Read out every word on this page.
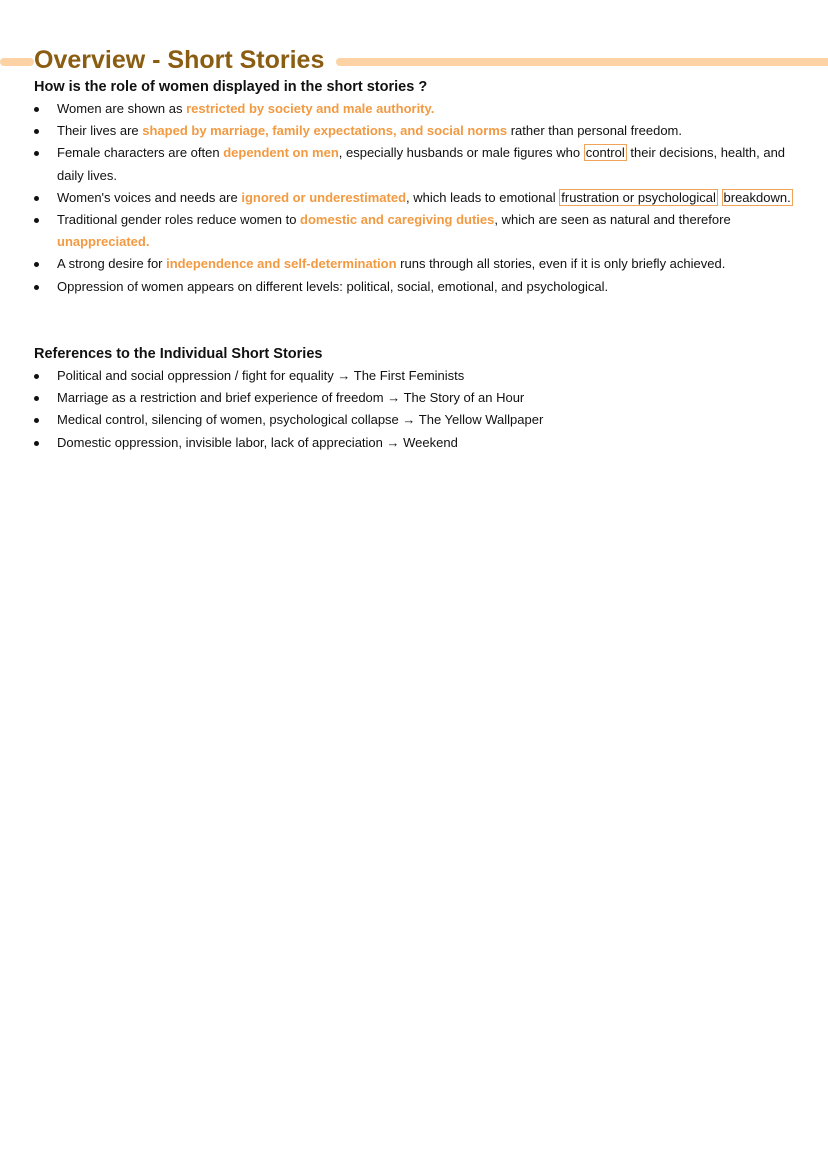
Overview - Short Stories
How is the role of women displayed in the short stories ?
Women are shown as restricted by society and male authority.
Their lives are shaped by marriage, family expectations, and social norms rather than personal freedom.
Female characters are often dependent on men, especially husbands or male figures who control their decisions, health, and daily lives.
Women's voices and needs are ignored or underestimated, which leads to emotional frustration or psychological breakdown.
Traditional gender roles reduce women to domestic and caregiving duties, which are seen as natural and therefore unappreciated.
A strong desire for independence and self-determination runs through all stories, even if it is only briefly achieved.
Oppression of women appears on different levels: political, social, emotional, and psychological.
References to the Individual Short Stories
Political and social oppression / fight for equality → The First Feminists
Marriage as a restriction and brief experience of freedom → The Story of an Hour
Medical control, silencing of women, psychological collapse → The Yellow Wallpaper
Domestic oppression, invisible labor, lack of appreciation → Weekend
